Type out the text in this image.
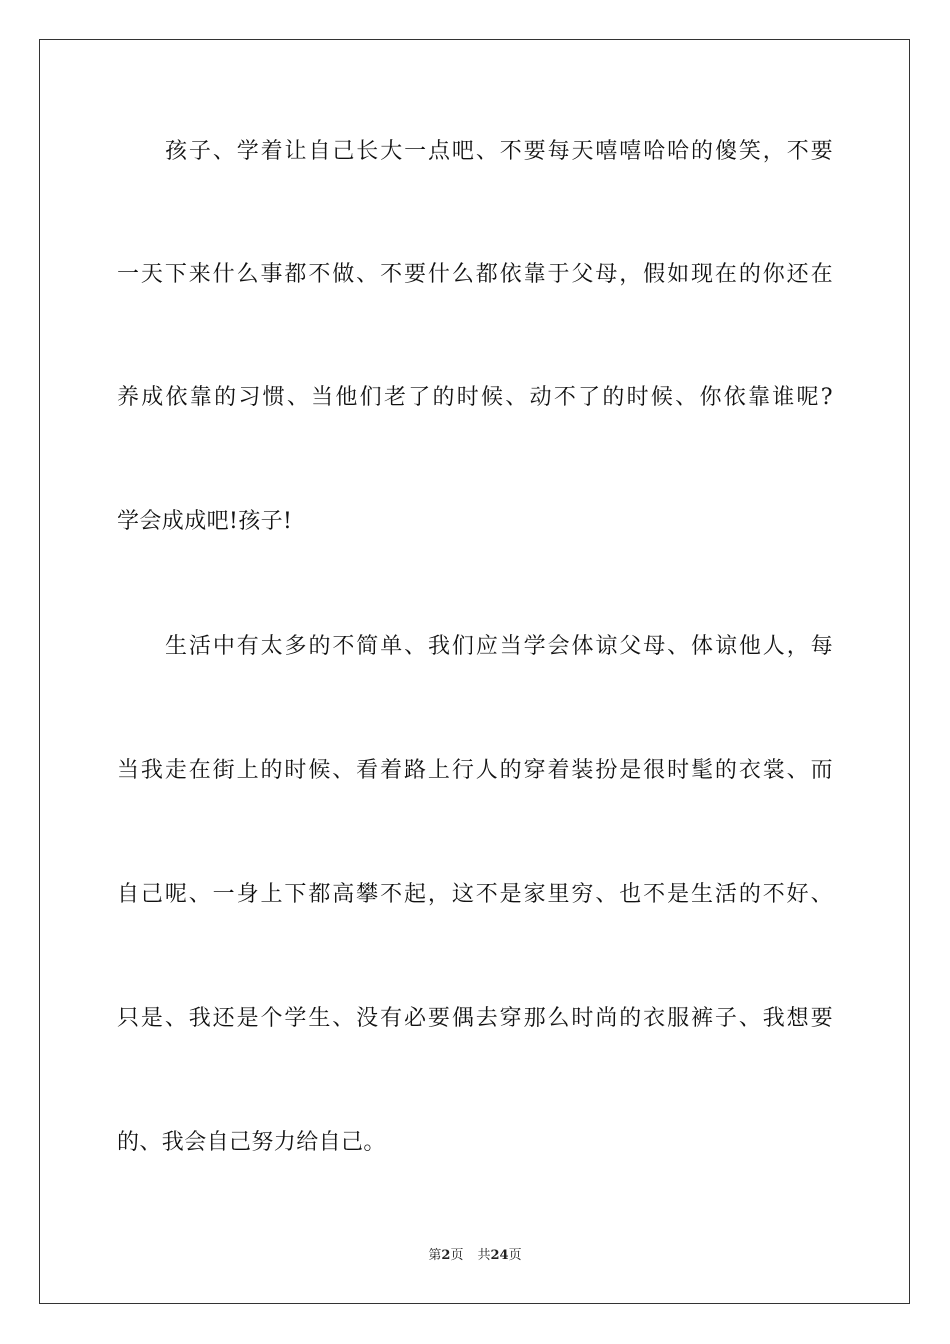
孩子、学着让自己长大一点吧、不要每天嘻嘻哈哈的傻笑，不要
一天下来什么事都不做、不要什么都依靠于父母，假如现在的你还在
养成依靠的习惯、当他们老了的时候、动不了的时候、你依靠谁呢?
学会成成吧!孩子!
生活中有太多的不简单、我们应当学会体谅父母、体谅他人，每
当我走在街上的时候、看着路上行人的穿着装扮是很时髦的衣裳、而
自己呢、一身上下都高攀不起，这不是家里穷、也不是生活的不好、
只是、我还是个学生、没有必要偶去穿那么时尚的衣服裤子、我想要
的、我会自己努力给自己。
第2页 共24页
